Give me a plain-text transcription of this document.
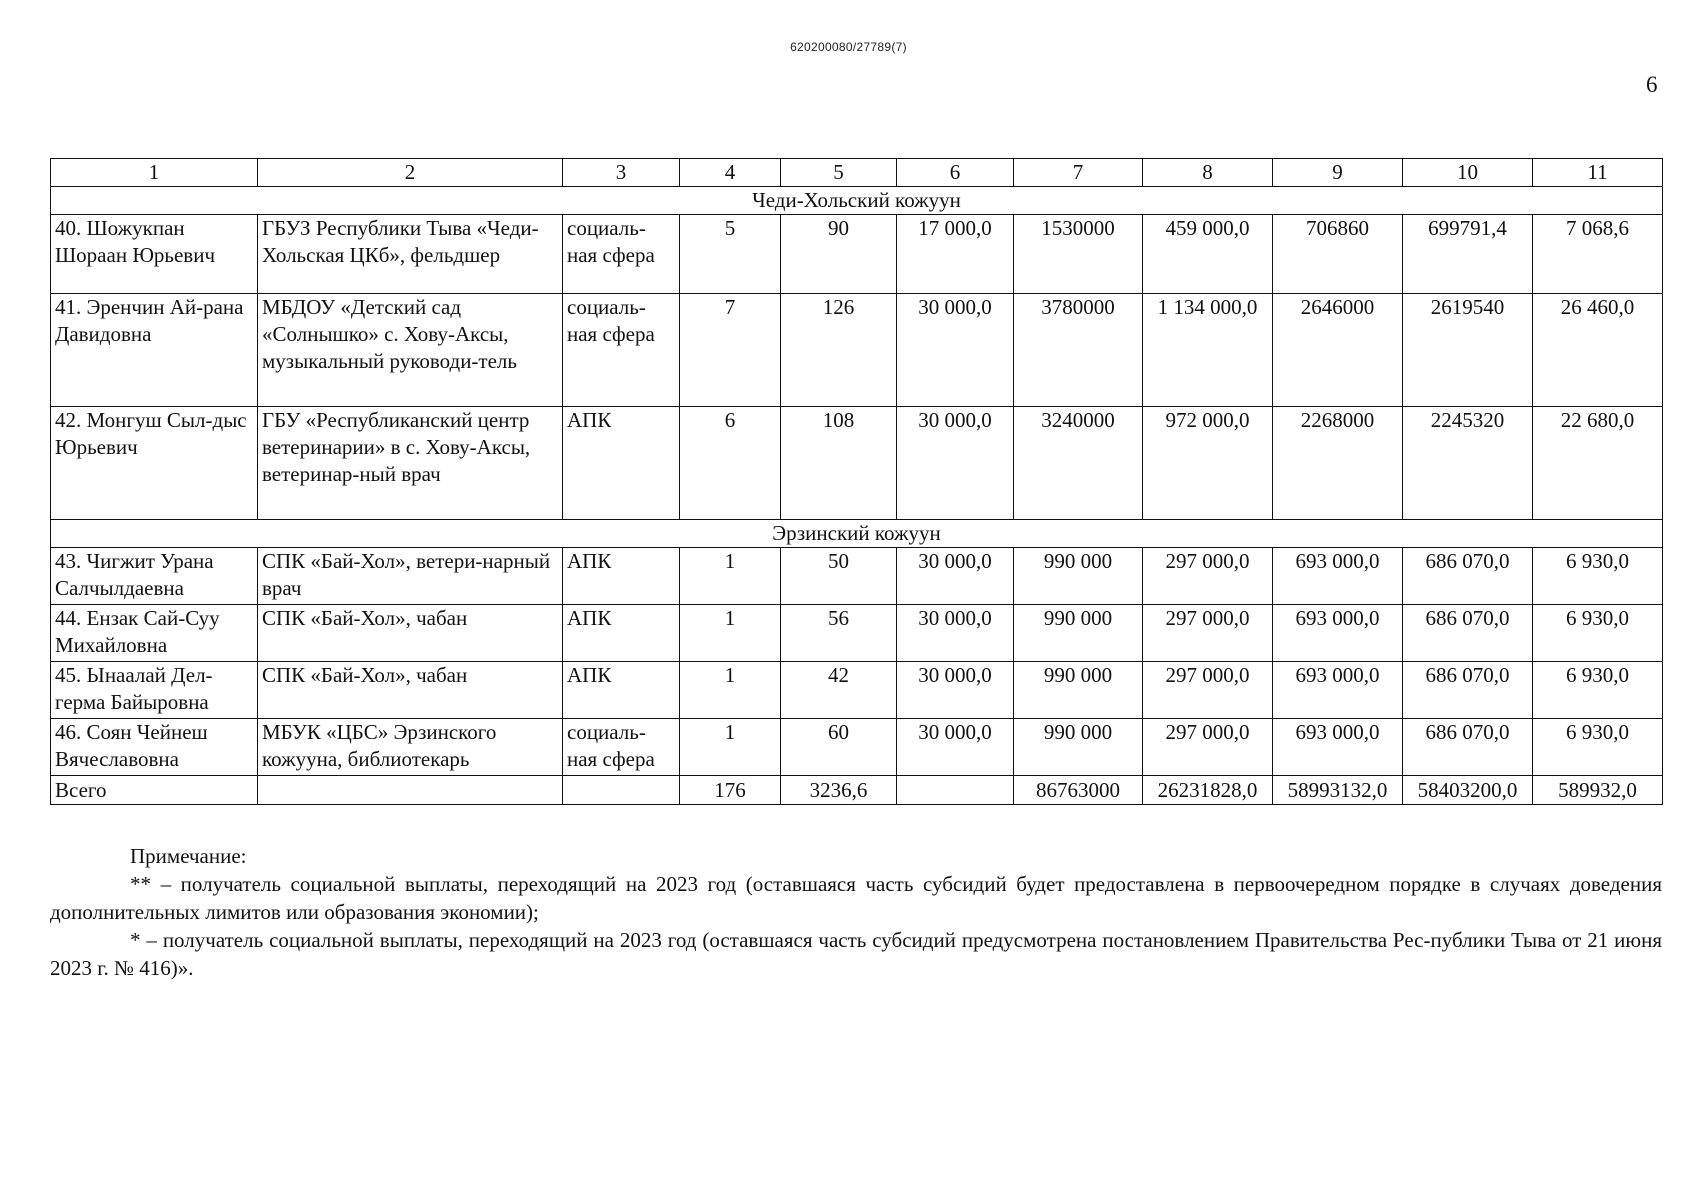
620200080/27789(7)
6
1	2	3	4	5	6	7	8	9	10	11
Чеди-Хольский кожуун										
40. Шожукпан Шораан Юрьевич	ГБУЗ Республики Тыва «Чеди-Хольская ЦКб», фельдшер	социаль-ная сфера	5	90	17 000,0	1530000	459 000,0	706860	699791,4	7 068,6
41. Эренчин Ай-рана Давидовна	МБДОУ «Детский сад «Солнышко» с. Хову-Аксы, музыкальный руководи-тель	социаль-ная сфера	7	126	30 000,0	3780000	1 134 000,0	2646000	2619540	26 460,0
42. Монгуш Сыл-дыс Юрьевич	ГБУ «Республиканский центр ветеринарии» в с. Хову-Аксы, ветеринар-ный врач	АПК	6	108	30 000,0	3240000	972 000,0	2268000	2245320	22 680,0
Эрзинский кожуун										
43. Чигжит Урана Салчылдаевна	СПК «Бай-Хол», ветери-нарный врач	АПК	1	50	30 000,0	990 000	297 000,0	693 000,0	686 070,0	6 930,0
44. Ензак Сай-Суу Михайловна	СПК «Бай-Хол», чабан	АПК	1	56	30 000,0	990 000	297 000,0	693 000,0	686 070,0	6 930,0
45. Ынаалай Дел-герма Байыровна	СПК «Бай-Хол», чабан	АПК	1	42	30 000,0	990 000	297 000,0	693 000,0	686 070,0	6 930,0
46. Соян Чейнеш Вячеславовна	МБУК «ЦБС» Эрзинского кожууна, библиотекарь	социаль-ная сфера	1	60	30 000,0	990 000	297 000,0	693 000,0	686 070,0	6 930,0
Всего			176	3236,6		86763000	26231828,0	58993132,0	58403200,0	589932,0

Примечание:

** – получатель социальной выплаты, переходящий на 2023 год (оставшаяся часть субсидий будет предоставлена в первоочередном порядке в случаях доведения дополнительных лимитов или образования экономии);

* – получатель социальной выплаты, переходящий на 2023 год (оставшаяся часть субсидий предусмотрена постановлением Правительства Рес-публики Тыва от 21 июня 2023 г. № 416)».
